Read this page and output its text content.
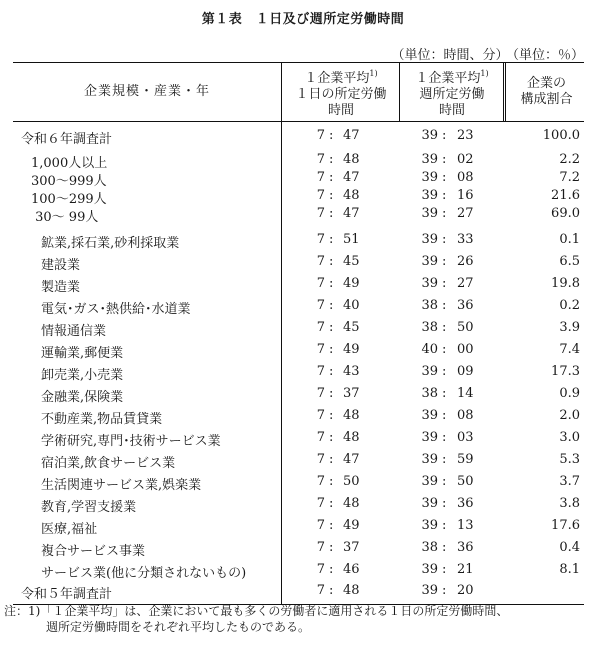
第１表　１日及び週所定労働時間
（単位：時間、分） （単位：％）
企業規模・産業・年
１企業平均$^{1)}$
１日の所定労働
時間
１企業平均$^{1)}$
週所定労働
時間
企業の
構成割合
令和６年調査計	7 : 47	39 : 23	100.0
1,000人以上	7 : 48	39 : 02	2.2
300～999人	7 : 47	39 : 08	7.2
100～299人	7 : 48	39 : 16	21.6
30～ 99人	7 : 47	39 : 27	69.0
鉱業,採石業,砂利採取業	7 : 51	39 : 33	0.1
建設業	7 : 45	39 : 26	6.5
製造業	7 : 49	39 : 27	19.8
電気･ガス･熱供給･水道業	7 : 40	38 : 36	0.2
情報通信業	7 : 45	38 : 50	3.9
運輸業,郵便業	7 : 49	40 : 00	7.4
卸売業,小売業	7 : 43	39 : 09	17.3
金融業,保険業	7 : 37	38 : 14	0.9
不動産業,物品賃貸業	7 : 48	39 : 08	2.0
学術研究,専門･技術サービス業	7 : 48	39 : 03	3.0
宿泊業,飲食サービス業	7 : 47	39 : 59	5.3
生活関連サービス業,娯楽業	7 : 50	39 : 50	3.7
教育,学習支援業	7 : 48	39 : 36	3.8
医療,福祉	7 : 49	39 : 13	17.6
複合サービス事業	7 : 37	38 : 36	0.4
サービス業(他に分類されないもの)	7 : 46	39 : 21	8.1
令和５年調査計	7 : 48	39 : 20
注：1)「１企業平均」は、企業において最も多くの労働者に適用される１日の所定労働時間、
週所定労働時間をそれぞれ平均したものである。
